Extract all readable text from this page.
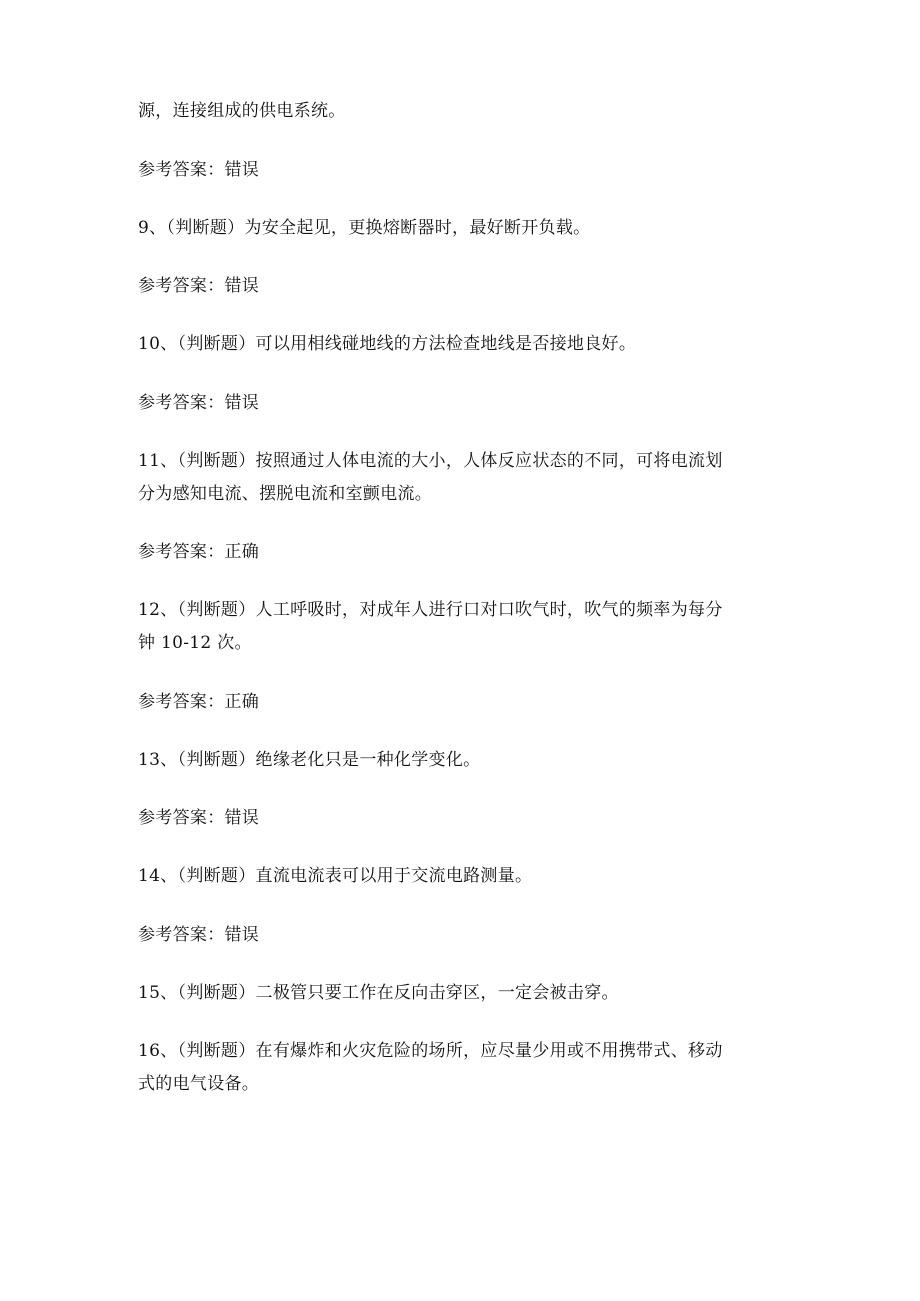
源，连接组成的供电系统。
参考答案：错误
9、（判断题）为安全起见，更换熔断器时，最好断开负载。
参考答案：错误
10、（判断题）可以用相线碰地线的方法检查地线是否接地良好。
参考答案：错误
11、（判断题）按照通过人体电流的大小，人体反应状态的不同，可将电流划
分为感知电流、摆脱电流和室颤电流。
参考答案：正确
12、（判断题）人工呼吸时，对成年人进行口对口吹气时，吹气的频率为每分
钟 10-12 次。
参考答案：正确
13、（判断题）绝缘老化只是一种化学变化。
参考答案：错误
14、（判断题）直流电流表可以用于交流电路测量。
参考答案：错误
15、（判断题）二极管只要工作在反向击穿区，一定会被击穿。
16、（判断题）在有爆炸和火灾危险的场所，应尽量少用或不用携带式、移动
式的电气设备。
